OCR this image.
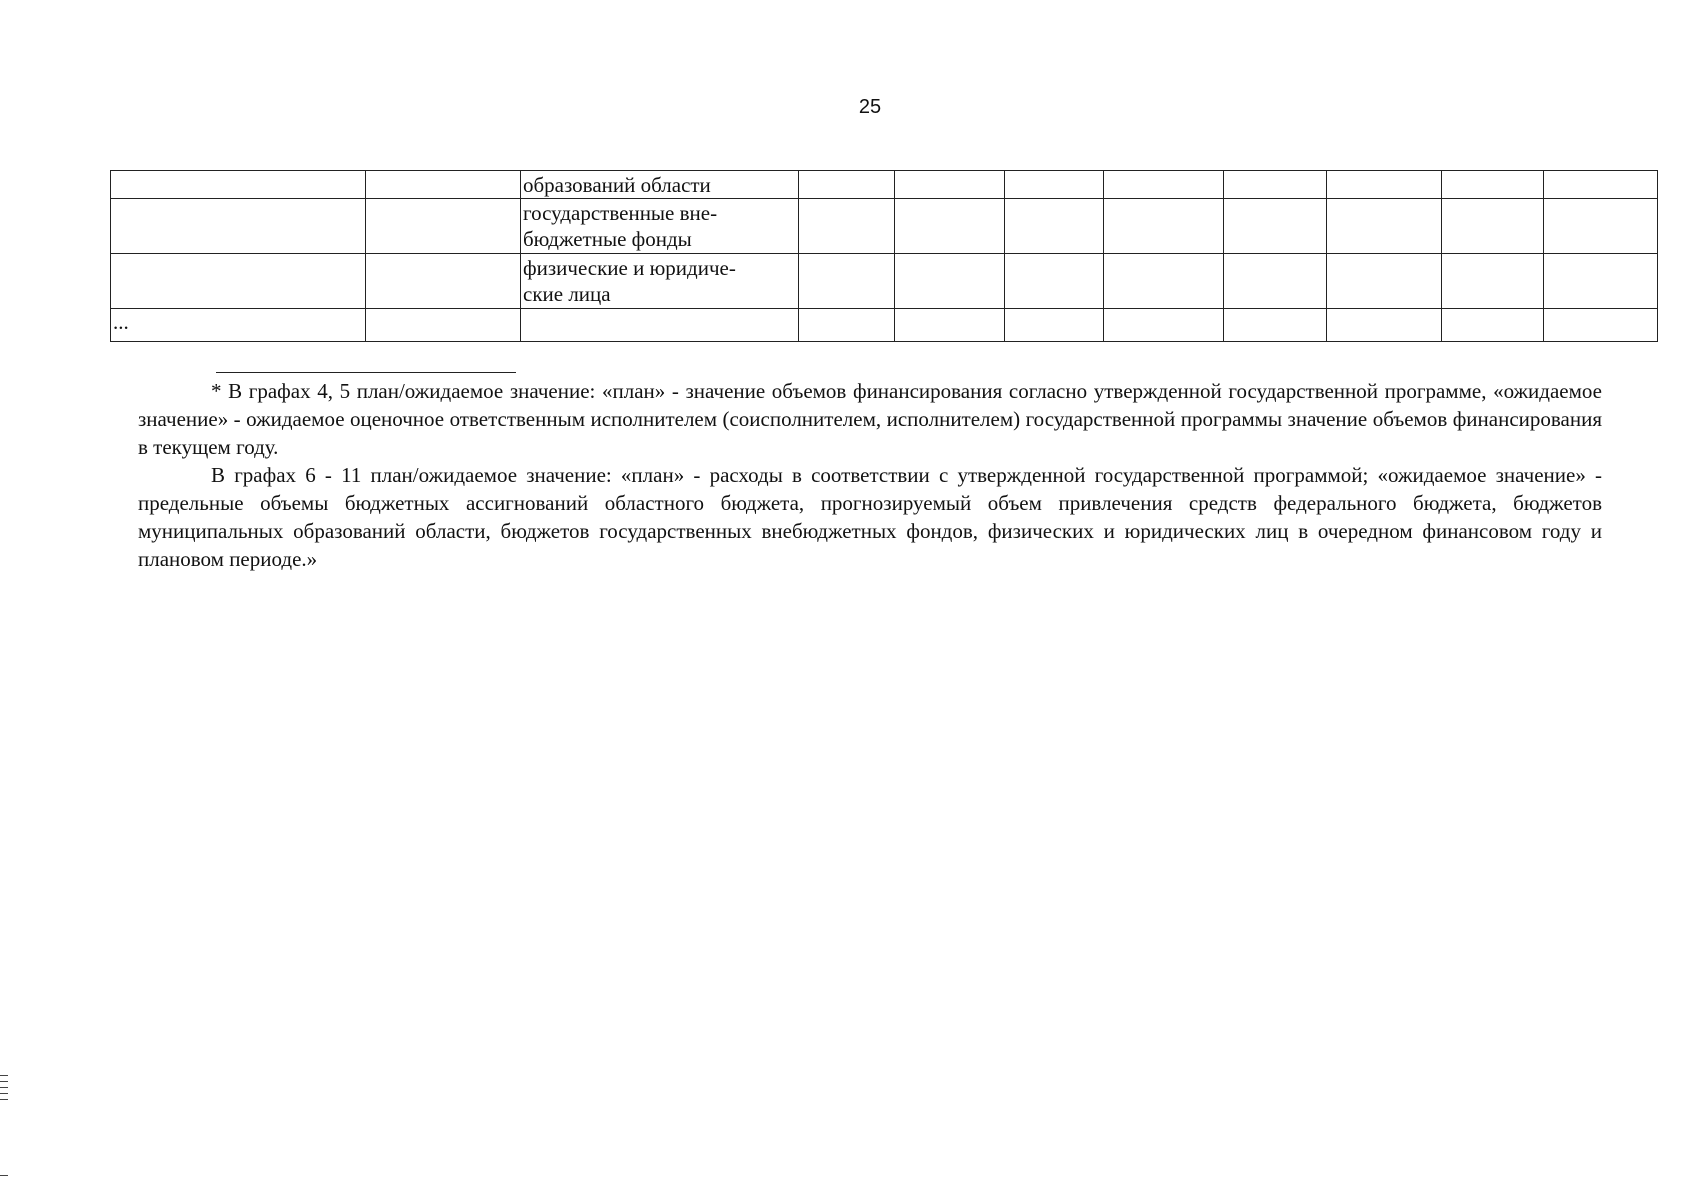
25
		образований области								
		государственные вне-
бюджетные фонды								
		физические и юридиче-
ские лица								
...										

* В графах 4, 5 план/ожидаемое значение: «план» - значение объемов финансирования согласно утвержденной государственной программе, «ожидаемое значение» - ожидаемое оценочное ответственным исполнителем (соисполнителем, исполнителем) государственной программы значение объемов финансирования в текущем году.

В графах 6 - 11 план/ожидаемое значение: «план» - расходы в соответствии с утвержденной государственной программой; «ожидаемое значение» - предельные объемы бюджетных ассигнований областного бюджета, прогнозируемый объем привлечения средств федерального бюджета, бюджетов муниципальных образований области, бюджетов государственных внебюджетных фондов, физических и юридических лиц в очередном финансовом году и плановом периоде.»
